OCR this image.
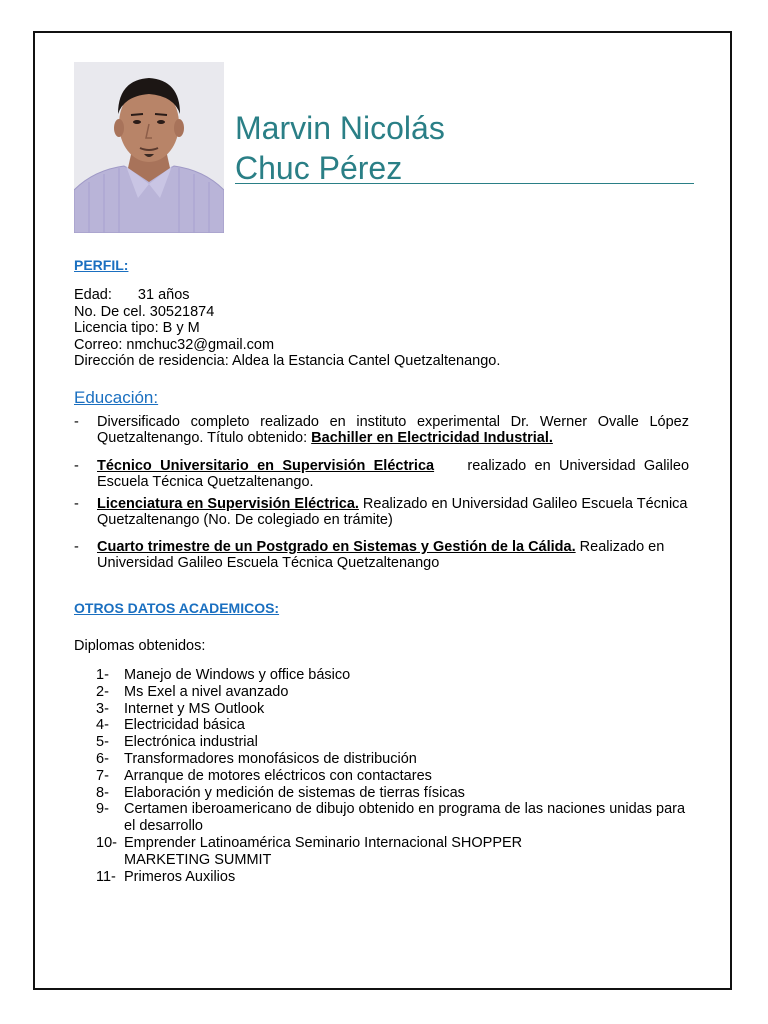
Marvin Nicolás
Chuc Pérez
PERFIL:
Edad: 31 años
No. De cel. 30521874
Licencia tipo: B y M
Correo: nmchuc32@gmail.com
Dirección de residencia: Aldea la Estancia Cantel Quetzaltenango.
Educación:
- Diversificado completo realizado en instituto experimental Dr. Werner Ovalle López Quetzaltenango. Título obtenido: Bachiller en Electricidad Industrial.
- Técnico Universitario en Supervisión Eléctrica    realizado en Universidad Galileo Escuela Técnica Quetzaltenango.
- Licenciatura en Supervisión Eléctrica. Realizado en Universidad Galileo Escuela Técnica Quetzaltenango (No. De colegiado en trámite)
- Cuarto trimestre de un Postgrado en Sistemas y Gestión de la Cálida. Realizado en Universidad Galileo Escuela Técnica Quetzaltenango
OTROS DATOS ACADEMICOS:
Diplomas obtenidos:
1- Manejo de Windows y office básico
2- Ms Exel a nivel avanzado
3- Internet y MS Outlook
4- Electricidad básica
5- Electrónica industrial
6- Transformadores monofásicos de distribución
7- Arranque de motores eléctricos con contactares
8- Elaboración y medición de sistemas de tierras físicas
9- Certamen iberoamericano de dibujo obtenido en programa de las naciones unidas para el desarrollo
10- Emprender Latinoamérica Seminario Internacional SHOPPER MARKETING SUMMIT
11- Primeros Auxilios
